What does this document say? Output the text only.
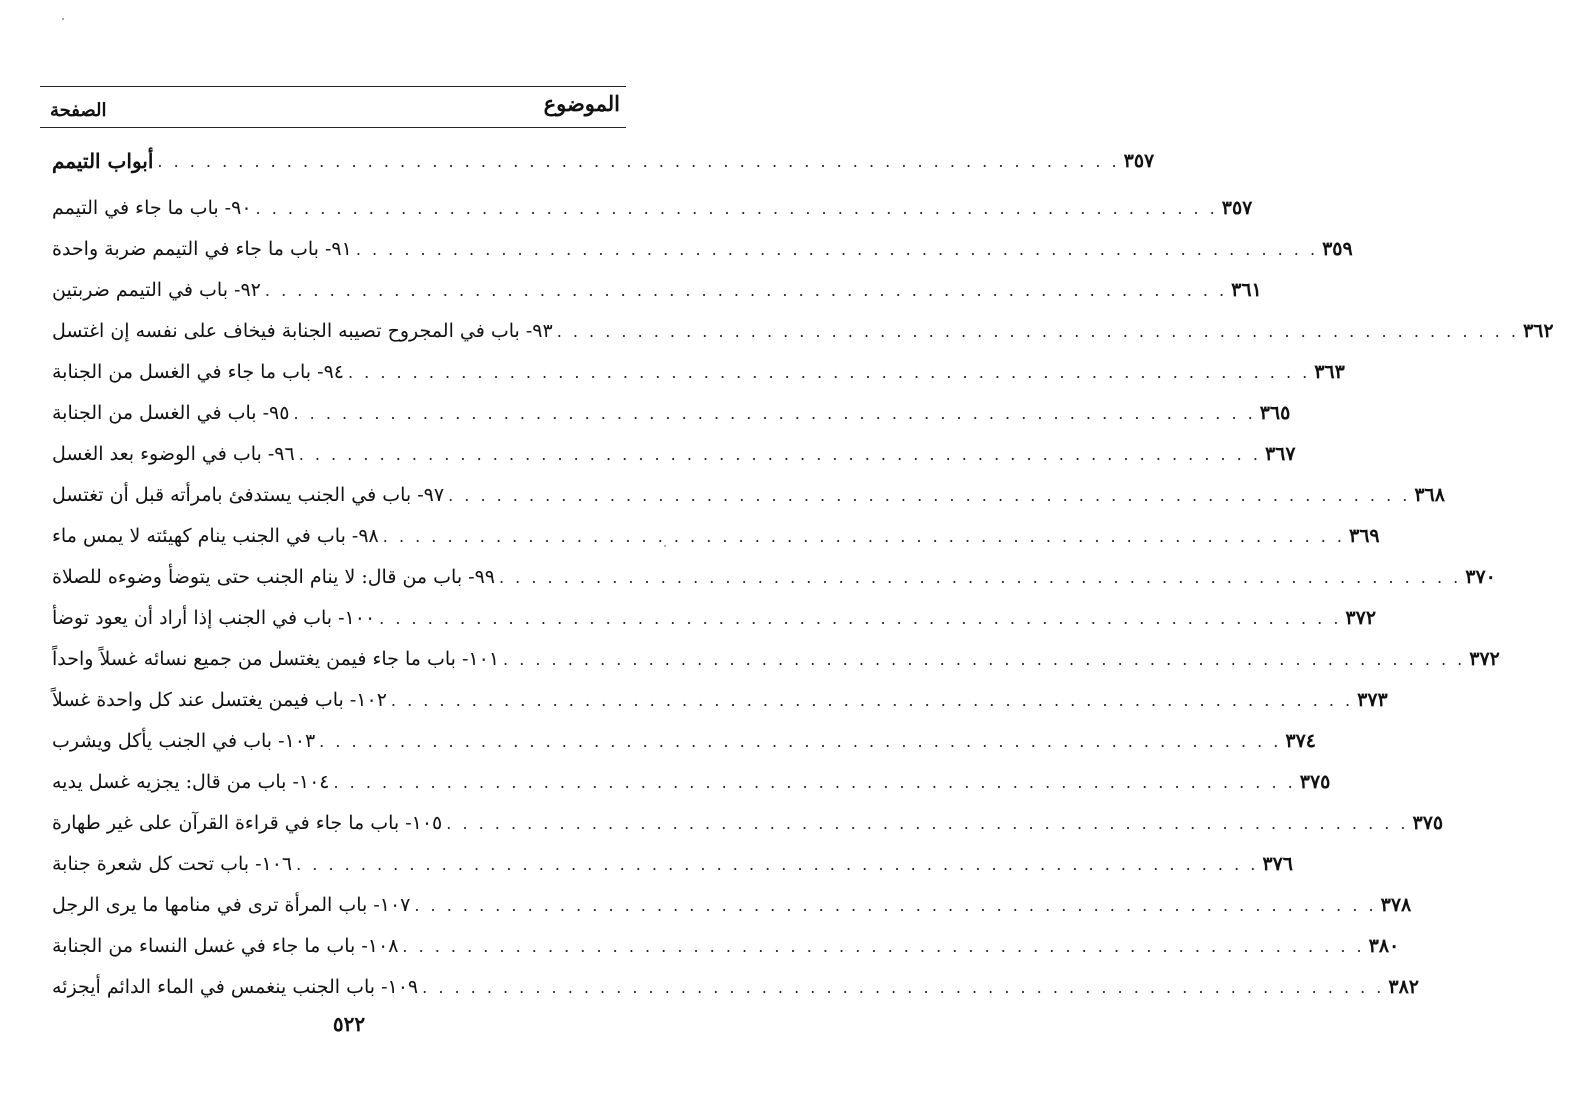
الموضوع
الصفحة
أبواب التيمم . . . . . . . . . . . . . . . . . . . . . . . . . . . . . . . . . . . . . . . . . . . . . . . . . . . . . . . . . . . . ٣٥٧
٩٠- باب ما جاء في التيمم . . . . . . . . . . . . . . . . . . . . . . . . . . . . . . . . . . . . . . . . . . . . . . . . . . . . . . . . . . . . ٣٥٧
٩١- باب ما جاء في التيمم ضربة واحدة . . . . . . . . . . . . . . . . . . . . . . . . . . . . . . . . . . . . . . . . . . . . . . . . . . . . . . . . . . . . ٣٥٩
٩٢- باب في التيمم ضربتين . . . . . . . . . . . . . . . . . . . . . . . . . . . . . . . . . . . . . . . . . . . . . . . . . . . . . . . . . . . . ٣٦١
٩٣- باب في المجروح تصيبه الجنابة فيخاف على نفسه إن اغتسل . . . . . . . . . . . . . . . . . . . . . . . . . . . . . . . . . . . . . . . . . . . . . . . . . . . . . . . . . . . . ٣٦٢
٩٤- باب ما جاء في الغسل من الجنابة . . . . . . . . . . . . . . . . . . . . . . . . . . . . . . . . . . . . . . . . . . . . . . . . . . . . . . . . . . . . ٣٦٣
٩٥- باب في الغسل من الجنابة . . . . . . . . . . . . . . . . . . . . . . . . . . . . . . . . . . . . . . . . . . . . . . . . . . . . . . . . . . . . ٣٦٥
٩٦- باب في الوضوء بعد الغسل . . . . . . . . . . . . . . . . . . . . . . . . . . . . . . . . . . . . . . . . . . . . . . . . . . . . . . . . . . . . ٣٦٧
٩٧- باب في الجنب يستدفئ بامرأته قبل أن تغتسل . . . . . . . . . . . . . . . . . . . . . . . . . . . . . . . . . . . . . . . . . . . . . . . . . . . . . . . . . . . . ٣٦٨
٩٨- باب في الجنب ينام كهيئته لا يمس ماء . . . . . . . . . . . . . . . . . . . . . . . . . . . . . . . . . . . . . . . . . . . . . . . . . . . . . . . . . . . . ٣٦٩
٩٩- باب من قال: لا ينام الجنب حتى يتوضأ وضوءه للصلاة . . . . . . . . . . . . . . . . . . . . . . . . . . . . . . . . . . . . . . . . . . . . . . . . . . . . . . . . . . . . ٣٧٠
١٠٠- باب في الجنب إذا أراد أن يعود توضأ . . . . . . . . . . . . . . . . . . . . . . . . . . . . . . . . . . . . . . . . . . . . . . . . . . . . . . . . . . . . ٣٧٢
١٠١- باب ما جاء فيمن يغتسل من جميع نسائه غسلاً واحداً . . . . . . . . . . . . . . . . . . . . . . . . . . . . . . . . . . . . . . . . . . . . . . . . . . . . . . . . . . . . ٣٧٢
١٠٢- باب فيمن يغتسل عند كل واحدة غسلاً . . . . . . . . . . . . . . . . . . . . . . . . . . . . . . . . . . . . . . . . . . . . . . . . . . . . . . . . . . . . ٣٧٣
١٠٣- باب في الجنب يأكل ويشرب . . . . . . . . . . . . . . . . . . . . . . . . . . . . . . . . . . . . . . . . . . . . . . . . . . . . . . . . . . . . ٣٧٤
١٠٤- باب من قال: يجزيه غسل يديه . . . . . . . . . . . . . . . . . . . . . . . . . . . . . . . . . . . . . . . . . . . . . . . . . . . . . . . . . . . . ٣٧٥
١٠٥- باب ما جاء في قراءة القرآن على غير طهارة . . . . . . . . . . . . . . . . . . . . . . . . . . . . . . . . . . . . . . . . . . . . . . . . . . . . . . . . . . . . ٣٧٥
١٠٦- باب تحت كل شعرة جنابة . . . . . . . . . . . . . . . . . . . . . . . . . . . . . . . . . . . . . . . . . . . . . . . . . . . . . . . . . . . . ٣٧٦
١٠٧- باب المرأة ترى في منامها ما يرى الرجل . . . . . . . . . . . . . . . . . . . . . . . . . . . . . . . . . . . . . . . . . . . . . . . . . . . . . . . . . . . . ٣٧٨
١٠٨- باب ما جاء في غسل النساء من الجنابة . . . . . . . . . . . . . . . . . . . . . . . . . . . . . . . . . . . . . . . . . . . . . . . . . . . . . . . . . . . . ٣٨٠
١٠٩- باب الجنب ينغمس في الماء الدائم أيجزئه . . . . . . . . . . . . . . . . . . . . . . . . . . . . . . . . . . . . . . . . . . . . . . . . . . . . . . . . . . . . ٣٨٢
٥٢٢
